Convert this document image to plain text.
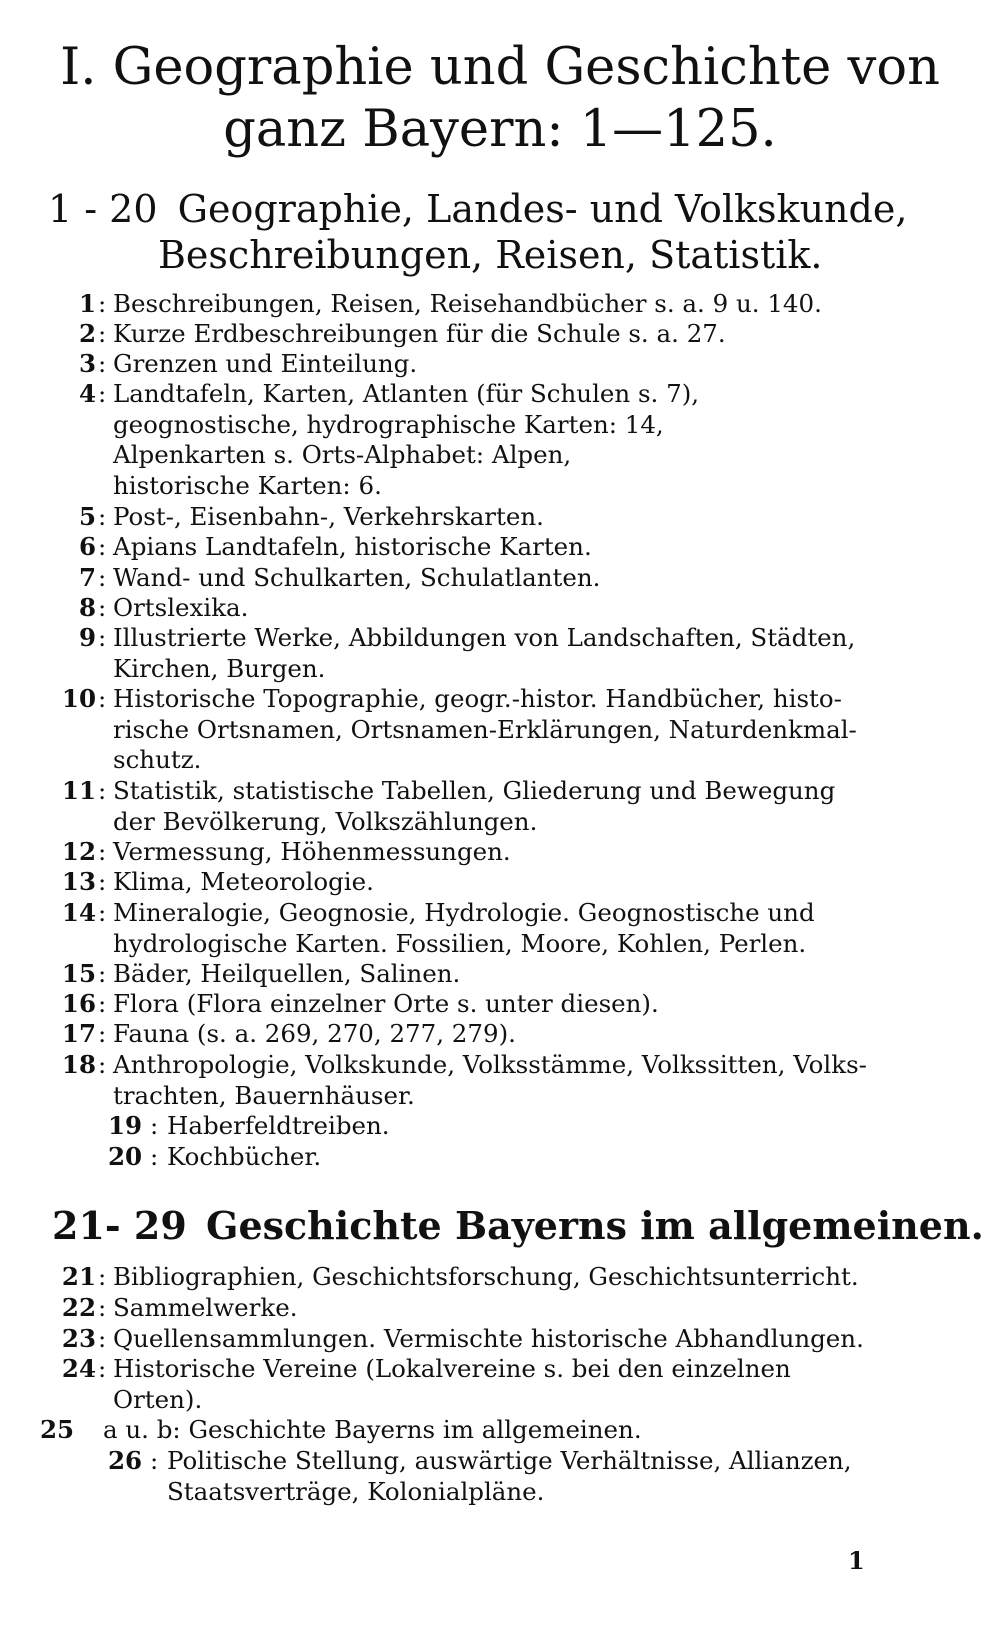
I. Geographie und Geschichte von
ganz Bayern: 1—125.
1 - 20 Geographie, Landes- und Volkskunde,
Beschreibungen, Reisen, Statistik.
1 : Beschreibungen, Reisen, Reisehandbücher s. a. 9 u. 140.
2 : Kurze Erdbeschreibungen für die Schule s. a. 27.
3 : Grenzen und Einteilung.
4 : Landtafeln, Karten, Atlanten (für Schulen s. 7),
geognostische, hydrographische Karten: 14,
Alpenkarten s. Orts-Alphabet: Alpen,
historische Karten: 6.
5 : Post-, Eisenbahn-, Verkehrskarten.
6 : Apians Landtafeln, historische Karten.
7 : Wand- und Schulkarten, Schulatlanten.
8 : Ortslexika.
9 : Illustrierte Werke, Abbildungen von Landschaften, Städten,
Kirchen, Burgen.
10 : Historische Topographie, geogr.-histor. Handbücher, histo-
rische Ortsnamen, Ortsnamen-Erklärungen, Naturdenkmal-
schutz.
11 : Statistik, statistische Tabellen, Gliederung und Bewegung
der Bevölkerung, Volkszählungen.
12 : Vermessung, Höhenmessungen.
13 : Klima, Meteorologie.
14 : Mineralogie, Geognosie, Hydrologie. Geognostische und
hydrologische Karten. Fossilien, Moore, Kohlen, Perlen.
15 : Bäder, Heilquellen, Salinen.
16 : Flora (Flora einzelner Orte s. unter diesen).
17 : Fauna (s. a. 269, 270, 277, 279).
18 : Anthropologie, Volkskunde, Volksstämme, Volkssitten, Volks-
trachten, Bauernhäuser.
19 : Haberfeldtreiben.
20 : Kochbücher.
21- 29 Geschichte Bayerns im allgemeinen.
21 : Bibliographien, Geschichtsforschung, Geschichtsunterricht.
22 : Sammelwerke.
23 : Quellensammlungen. Vermischte historische Abhandlungen.
24 : Historische Vereine (Lokalvereine s. bei den einzelnen
Orten).
25 a u. b: Geschichte Bayerns im allgemeinen.
26 : Politische Stellung, auswärtige Verhältnisse, Allianzen,
Staatsverträge, Kolonialpläne.
1
